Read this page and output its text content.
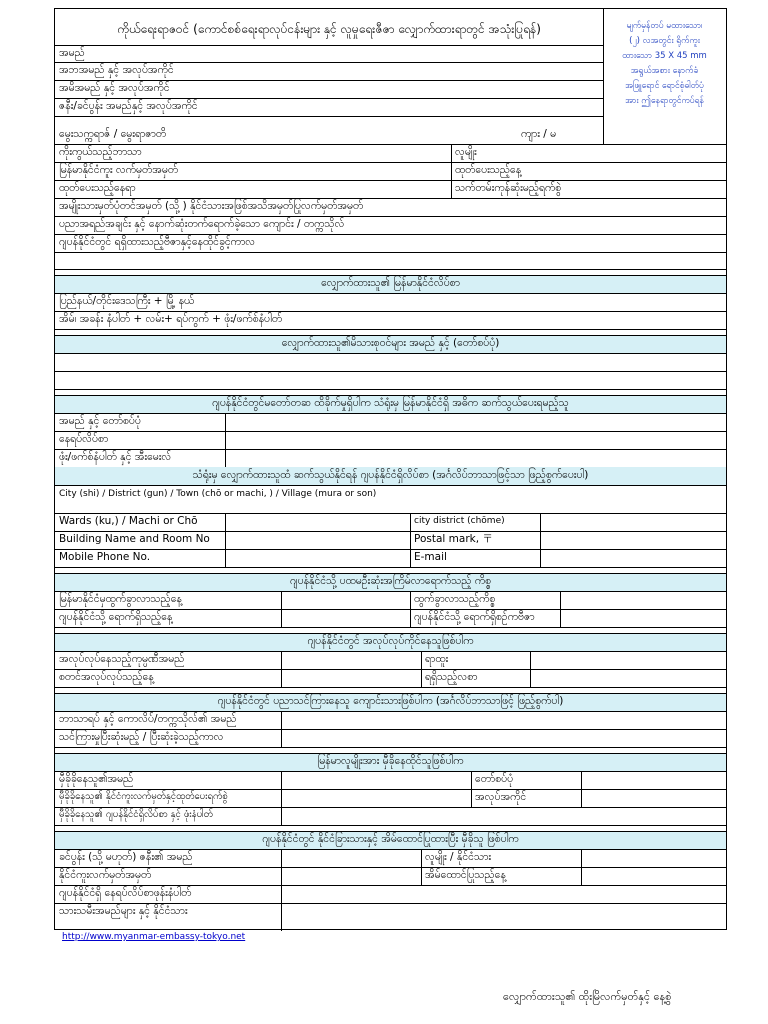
ကိုယ်ရေးရာဇဝင် (ကောင်စစ်ရေးရာလုပ်ငန်းများ နှင့် လူမှုရေးဇီဇာ လျှောက်ထားရာတွင် အသုံးပြုရန်)	မျက်မှန်တပ် မထားသော၊
(၂) လအတွင်း ရိုက်ကူး
ထားသော 35 X 45 mm
အရွယ်အစား နောက်ခံ
အဖြူရောင် ရောင်စုံဓါတ်ပုံ
အား ဤနေရာတွင်ကပ်ရန်
အမည်
အဘအမည် နှင့် အလုပ်အကိုင်
အမိအမည် နှင့် အလုပ်အကိုင်
ဇနီး/ခင်ပွန်း အမည်နှင့် အလုပ်အကိုင်
မွေးသက္ကရာဇ် / မွေးရာဇာတိ	ကျား / မ
ကိုးကွယ်သည့်ဘာသာ	လူမျိုး
မြန်မာနိုင်ငံကူး လက်မှတ်အမှတ်	ထုတ်ပေးသည့်နေ့
ထုတ်ပေးသည့်နေရာ	သက်တမ်းကုန်ဆုံးမည့်ရက်စွဲ
အမျိုးသားမှတ်ပုံတင်အမှတ် (သို့ ) နိုင်ငံသားအဖြစ်အသိအမှတ်ပြုလက်မှတ်အမှတ်
ပညာအရည်အချင်း နှင့် နောက်ဆုံးတက်ရောက်ခဲ့သော ကျောင်း / တက္ကသိုလ်
ဂျပန်နိုင်ငံတွင် ရရှိထားသည့်ဗီဇာနှင့်နေထိုင်ခွင့်ကာလ
လျှောက်ထားသူ၏ မြန်မာနိုင်ငံလိပ်စာ
ပြည်နယ်/တိုင်းဒေသကြီး + မြို့ နယ်
အိမ်၊ အခန်း နံပါတ် + လမ်း+ ရပ်ကွက် + ဖုံး/ဖက်စ်နံပါတ်
လျှောက်ထားသူ၏မိသားစုဝင်များ အမည် နှင့် (တော်စပ်ပုံ)
ဂျပန်နိုင်ငံတွင်မတော်တဆ ထိခိုက်မှုရှိပါက သံရုံးမှ မြန်မာနိုင်ငံရှိ အဓိက ဆက်သွယ်ပေးရမည့်သူ
အမည် နှင့် တော်စပ်ပုံ
နေရပ်လိပ်စာ
ဖုံး/ဖက်စ်နံပါတ် နှင့် အီးမေးလ်
သံရုံးမှ လျှောက်ထားသူထံ ဆက်သွယ်နိုင်ရန် ဂျပန်နိုင်ငံရှိလိပ်စာ (အင်္ဂလိပ်ဘာသာဖြင့်သာ ဖြည့်စွက်ပေးပါ)
City (shi) / District (gun) / Town (chō or machi, ) / Village (mura or son)
Wards (ku,) / Machi or Chō	city district (chōme)
Building Name and Room No	Postal mark, 〒
Mobile Phone No.	E-mail
ဂျပန်နိုင်ငံသို့ ပထမဦးဆုံးအကြိမ်လာရောက်သည့် ကိစ္စ
မြန်မာနိုင်ငံမှထွက်ခွာလာသည့်နေ့	ထွက်ခွာလာသည့်ကိစ္စ
ဂျပန်နိုင်ငံသို့ ရောက်ရှိသည့်နေ့	ဂျပန်နိုင်ငံသို့ ရောက်ရှိစဉ်ကဗီဇာ
ဂျပန်နိုင်ငံတွင် အလုပ်လုပ်ကိုင်နေသူဖြစ်ပါက
အလုပ်လုပ်နေသည့်ကုမ္ပဏီအမည်	ရာထူး
စတင်အလုပ်လုပ်သည့်နေ့	ရရှိသည့်လစာ
ဂျပန်နိုင်ငံတွင် ပညာသင်ကြားနေသူ ကျောင်းသားဖြစ်ပါက (အင်္ဂလိပ်ဘာသာဖြင့် ဖြည့်စွက်ပါ)
ဘာသာရပ် နှင့် ကောလိပ်/တက္ကသိုလ်၏ အမည်
သင်ကြားမှုပြီးဆုံးမည့် / ပြီးဆုံးခဲ့သည့်ကာလ
မြန်မာလူမျိုးအား မှီခိုနေထိုင်သူဖြစ်ပါက
မှီခိုခိုနေသူ၏အမည်	တော်စပ်ပုံ
မှီခိုခိုနေသူ၏ နိုင်ငံကူးလက်မှတ်နှင့်ထုတ်ပေးရက်စွဲ	အလုပ်အကိုင်
မှီခိုခိုနေသူ၏ ဂျပန်နိုင်ငံရှိလိပ်စာ နှင့် ဖုံးနံပါတ်
ဂျပန်နိုင်ငံတွင် နိုင်ငံခြားသားနှင့် အိမ်ထောင်ပြုထားပြီး မှီခိုသူ ဖြစ်ပါက
ခင်ပွန်း (သို့ မဟုတ်) ဇနီး၏ အမည်	လူမျိုး / နိုင်ငံသား
နိုင်ငံကူးလက်မှတ်အမှတ်	အိမ်ထောင်ပြုသည့်နေ့
ဂျပန်နိုင်ငံရှိ နေရပ်လိပ်စာဖုန်းနံပါတ်
သားသမီးအမည်များ နှင့် နိုင်ငံသား
http://www.myanmar-embassy-tokyo.net
လျှောက်ထားသူ၏ ထိုးမြိလက်မှတ်နှင့် နေ့စွဲ
